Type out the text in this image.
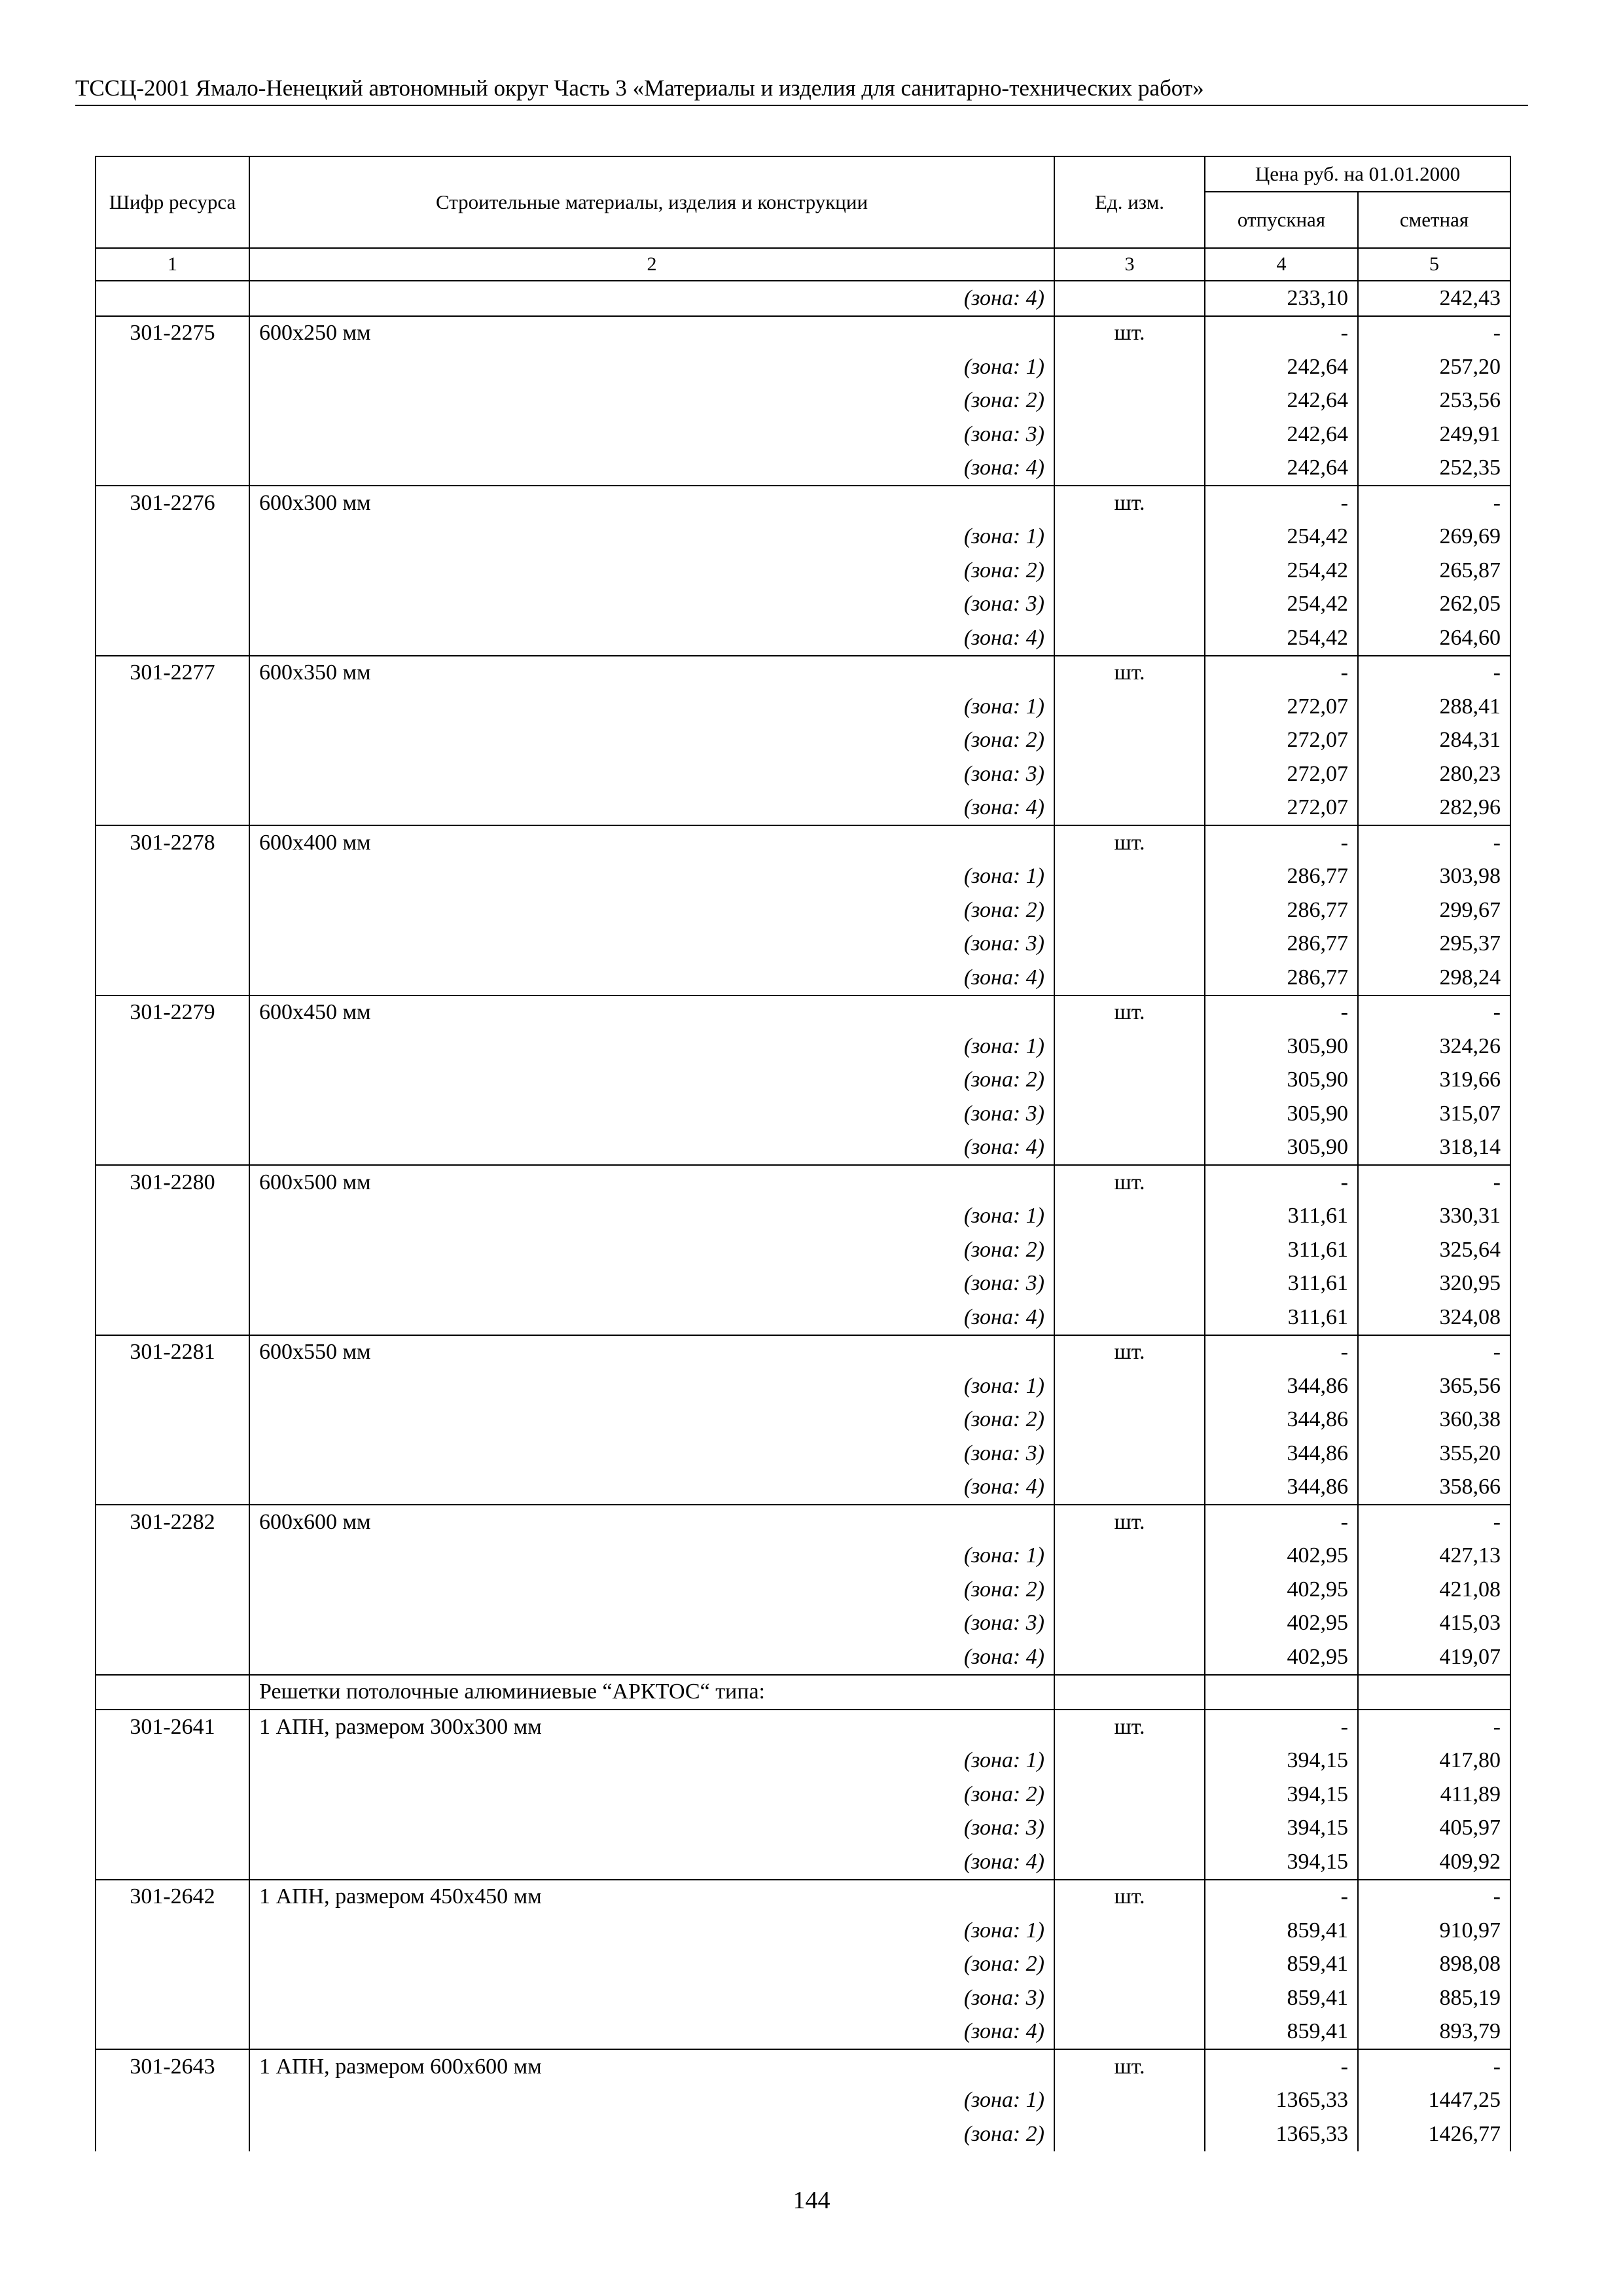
ТССЦ-2001 Ямало-Ненецкий автономный округ Часть 3 «Материалы и изделия для санитарно-технических работ»
Шифр ресурса	Строительные материалы, изделия и конструкции	Ед. изм.	Цена руб. на 01.01.2000	
			отпускная	сметная
1	2	3	4	5
	(зона: 4)		233,10	242,43
301-2275	600х250 мм	шт.	-	-
	(зона: 1)		242,64	257,20
	(зона: 2)		242,64	253,56
	(зона: 3)		242,64	249,91
	(зона: 4)		242,64	252,35
301-2276	600х300 мм	шт.	-	-
	(зона: 1)		254,42	269,69
	(зона: 2)		254,42	265,87
	(зона: 3)		254,42	262,05
	(зона: 4)		254,42	264,60
301-2277	600х350 мм	шт.	-	-
	(зона: 1)		272,07	288,41
	(зона: 2)		272,07	284,31
	(зона: 3)		272,07	280,23
	(зона: 4)		272,07	282,96
301-2278	600х400 мм	шт.	-	-
	(зона: 1)		286,77	303,98
	(зона: 2)		286,77	299,67
	(зона: 3)		286,77	295,37
	(зона: 4)		286,77	298,24
301-2279	600х450 мм	шт.	-	-
	(зона: 1)		305,90	324,26
	(зона: 2)		305,90	319,66
	(зона: 3)		305,90	315,07
	(зона: 4)		305,90	318,14
301-2280	600х500 мм	шт.	-	-
	(зона: 1)		311,61	330,31
	(зона: 2)		311,61	325,64
	(зона: 3)		311,61	320,95
	(зона: 4)		311,61	324,08
301-2281	600х550 мм	шт.	-	-
	(зона: 1)		344,86	365,56
	(зона: 2)		344,86	360,38
	(зона: 3)		344,86	355,20
	(зона: 4)		344,86	358,66
301-2282	600х600 мм	шт.	-	-
	(зона: 1)		402,95	427,13
	(зона: 2)		402,95	421,08
	(зона: 3)		402,95	415,03
	(зона: 4)		402,95	419,07
	Решетки потолочные алюминиевые “АРКТОС“ типа:			
301-2641	1 АПН, размером 300х300 мм	шт.	-	-
	(зона: 1)		394,15	417,80
	(зона: 2)		394,15	411,89
	(зона: 3)		394,15	405,97
	(зона: 4)		394,15	409,92
301-2642	1 АПН, размером 450х450 мм	шт.	-	-
	(зона: 1)		859,41	910,97
	(зона: 2)		859,41	898,08
	(зона: 3)		859,41	885,19
	(зона: 4)		859,41	893,79
301-2643	1 АПН, размером 600х600 мм	шт.	-	-
	(зона: 1)		1365,33	1447,25
	(зона: 2)		1365,33	1426,77
144
